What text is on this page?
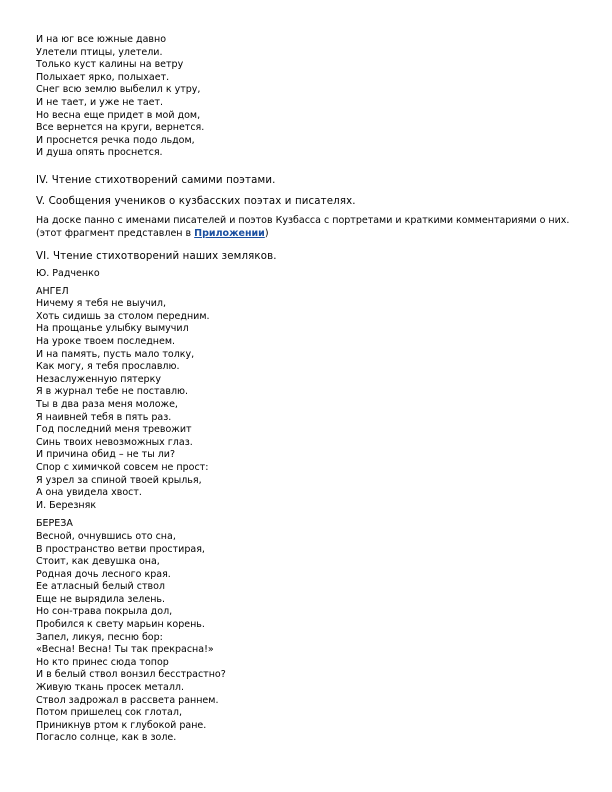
И на юг все южные давно
Улетели птицы, улетели.
Только куст калины на ветру
Полыхает ярко, полыхает.
Снег всю землю выбелил к утру,
И не тает, и уже не тает.
Но весна еще придет в мой дом,
Все вернется на круги, вернется.
И проснется речка подо льдом,
И душа опять проснется.
IV. Чтение стихотворений самими поэтами.
V. Сообщения учеников о кузбасских поэтах и писателях.
На доске панно с именами писателей и поэтов Кузбасса с портретами и краткими комментариями о них. (этот фрагмент представлен в Приложении)
VI. Чтение стихотворений наших земляков.
Ю. Радченко
АНГЕЛ
Ничему я тебя не выучил,
Хоть сидишь за столом передним.
На прощанье улыбку вымучил
На уроке твоем последнем.
И на память, пусть мало толку,
Как могу, я тебя прославлю.
Незаслуженную пятерку
Я в журнал тебе не поставлю.
Ты в два раза меня моложе,
Я наивней тебя в пять раз.
Год последний меня тревожит
Синь твоих невозможных глаз.
И причина обид – не ты ли?
Спор с химичкой совсем не прост:
Я узрел за спиной твоей крылья,
А она увидела хвост.
И. Березняк
БЕРЕЗА
Весной, очнувшись ото сна,
В пространство ветви простирая,
Стоит, как девушка она,
Родная дочь лесного края.
Ее атласный белый ствол
Еще не вырядила зелень.
Но сон-трава покрыла дол,
Пробился к свету марьин корень.
Запел, ликуя, песню бор:
«Весна! Весна! Ты так прекрасна!»
Но кто принес сюда топор
И в белый ствол вонзил бесстрастно?
Живую ткань просек металл.
Ствол задрожал в рассвета раннем.
Потом пришелец сок глотал,
Приникнув ртом к глубокой ране.
Погасло солнце, как в золе.
